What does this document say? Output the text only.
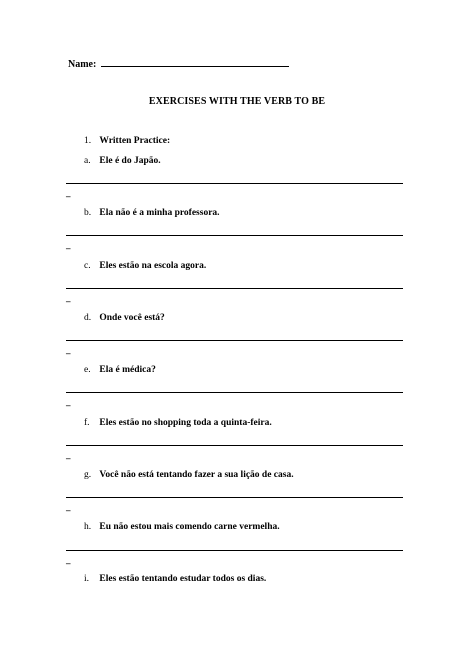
Name:
EXERCISES WITH THE VERB TO BE
1. Written Practice:
a. Ele é do Japão.
–
b. Ela não é a minha professora.
–
c. Eles estão na escola agora.
–
d. Onde você está?
–
e. Ela é médica?
–
f. Eles estão no shopping toda a quinta-feira.
–
g. Você não está tentando fazer a sua lição de casa.
–
h. Eu não estou mais comendo carne vermelha.
–
i. Eles estão tentando estudar todos os dias.
